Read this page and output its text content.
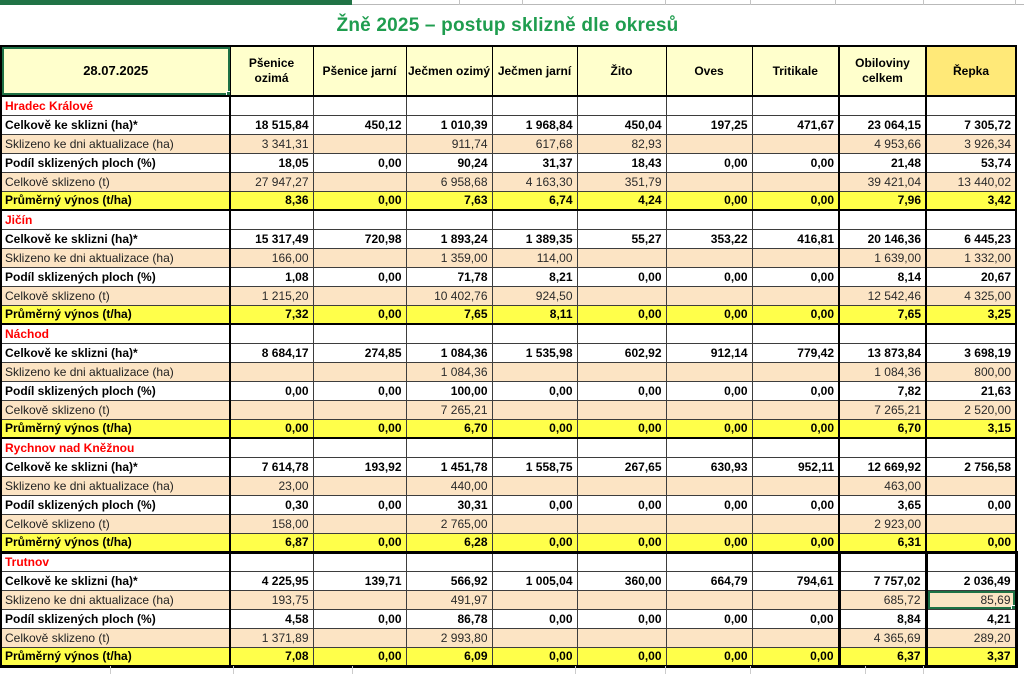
Žně 2025 – postup sklizně dle okresů
28.07.2025	Pšenice ozimá	Pšenice jarní	Ječmen ozimý	Ječmen jarní	Žito	Oves	Tritikale	Obiloviny celkem	Řepka
Hradec Králové									
Celkově ke sklizni (ha)*	18 515,84	450,12	1 010,39	1 968,84	450,04	197,25	471,67	23 064,15	7 305,72
Sklizeno ke dni aktualizace (ha)	3 341,31		911,74	617,68	82,93			4 953,66	3 926,34
Podíl sklizených ploch (%)	18,05	0,00	90,24	31,37	18,43	0,00	0,00	21,48	53,74
Celkově sklizeno (t)	27 947,27		6 958,68	4 163,30	351,79			39 421,04	13 440,02
Průměrný výnos (t/ha)	8,36	0,00	7,63	6,74	4,24	0,00	0,00	7,96	3,42
Jičín									
Celkově ke sklizni (ha)*	15 317,49	720,98	1 893,24	1 389,35	55,27	353,22	416,81	20 146,36	6 445,23
Sklizeno ke dni aktualizace (ha)	166,00		1 359,00	114,00				1 639,00	1 332,00
Podíl sklizených ploch (%)	1,08	0,00	71,78	8,21	0,00	0,00	0,00	8,14	20,67
Celkově sklizeno (t)	1 215,20		10 402,76	924,50				12 542,46	4 325,00
Průměrný výnos (t/ha)	7,32	0,00	7,65	8,11	0,00	0,00	0,00	7,65	3,25
Náchod									
Celkově ke sklizni (ha)*	8 684,17	274,85	1 084,36	1 535,98	602,92	912,14	779,42	13 873,84	3 698,19
Sklizeno ke dni aktualizace (ha)			1 084,36					1 084,36	800,00
Podíl sklizených ploch (%)	0,00	0,00	100,00	0,00	0,00	0,00	0,00	7,82	21,63
Celkově sklizeno (t)			7 265,21					7 265,21	2 520,00
Průměrný výnos (t/ha)	0,00	0,00	6,70	0,00	0,00	0,00	0,00	6,70	3,15
Rychnov nad Kněžnou									
Celkově ke sklizni (ha)*	7 614,78	193,92	1 451,78	1 558,75	267,65	630,93	952,11	12 669,92	2 756,58
Sklizeno ke dni aktualizace (ha)	23,00		440,00					463,00	
Podíl sklizených ploch (%)	0,30	0,00	30,31	0,00	0,00	0,00	0,00	3,65	0,00
Celkově sklizeno (t)	158,00		2 765,00					2 923,00	
Průměrný výnos (t/ha)	6,87	0,00	6,28	0,00	0,00	0,00	0,00	6,31	0,00
Trutnov									
Celkově ke sklizni (ha)*	4 225,95	139,71	566,92	1 005,04	360,00	664,79	794,61	7 757,02	2 036,49
Sklizeno ke dni aktualizace (ha)	193,75		491,97					685,72	85,69
Podíl sklizených ploch (%)	4,58	0,00	86,78	0,00	0,00	0,00	0,00	8,84	4,21
Celkově sklizeno (t)	1 371,89		2 993,80					4 365,69	289,20
Průměrný výnos (t/ha)	7,08	0,00	6,09	0,00	0,00	0,00	0,00	6,37	3,37
